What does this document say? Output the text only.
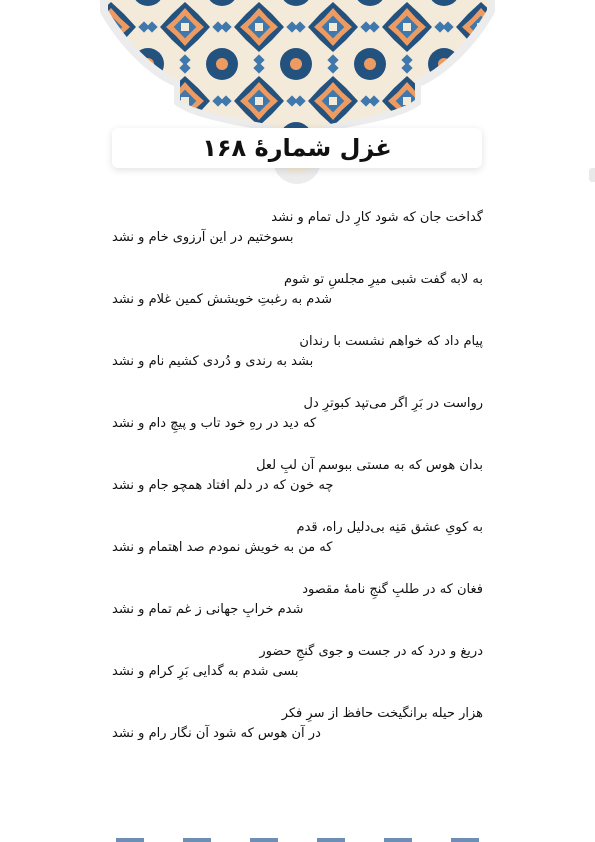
غزل شمارهٔ ۱۶۸
گداخت جان که شود کارِ دل تمام و نشد
بسوختیم در این آرزوی خام و نشد
به لابه گفت شبی میرِ مجلسِ تو شوم
شدم به رغبتِ خویشش کمین غلام و نشد
پیام داد که خواهم نشست با رندان
بشد به رندی و دُردی کشیم نام و نشد
رواست در بَرِ اگر می‌تپد کبوترِ دل
که دید در رهِ خود تاب و پیچِ دام و نشد
بدان هوس که به مستی ببوسم آن لبِ لعل
چه خون که در دلم افتاد همچو جام و نشد
به کویِ عشق مَنِه بی‌دلیل راه، قدم
که من به خویش نمودم صد اهتمام و نشد
فغان که در طلبِ گنجِ نامهٔ مقصود
شدم خرابِ جهانی ز غم تمام و نشد
دریغ و درد که در جست و جوی گنجِ حضور
بسی شدم به گدایی بَرِ کرام و نشد
هزار حیله برانگیخت حافظ از سرِ فکر
در آن هوس که شود آن نگار رام و نشد
